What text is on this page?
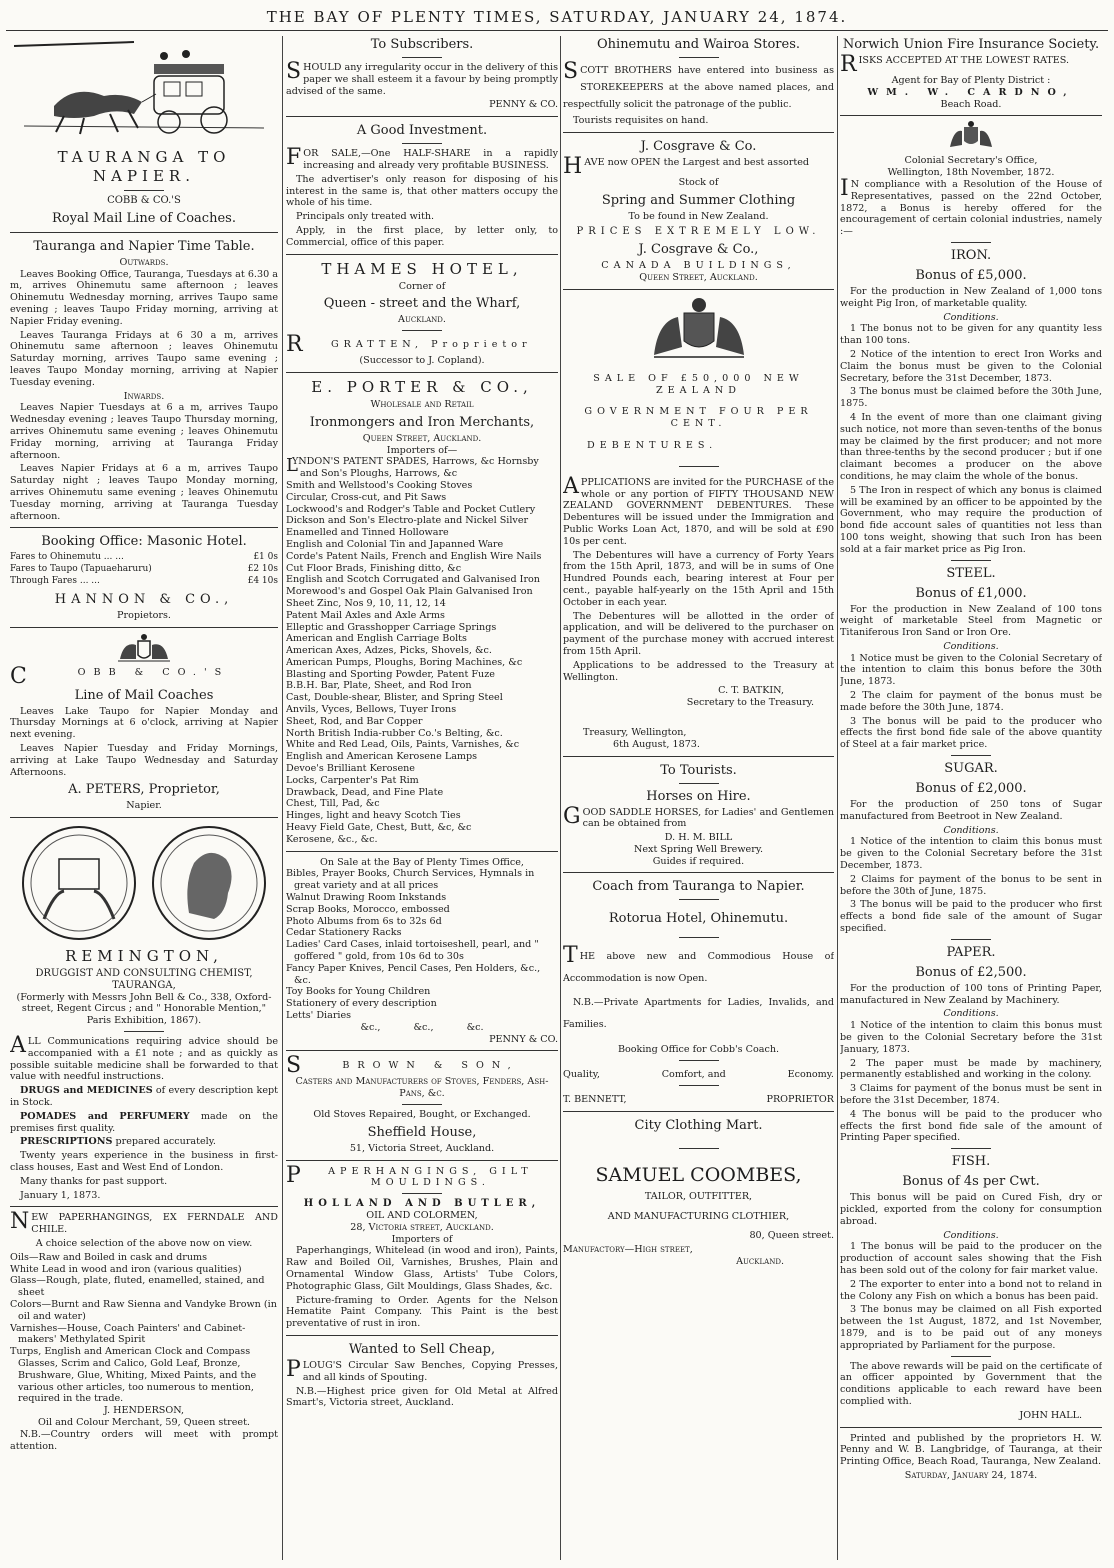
THE BAY OF PLENTY TIMES, SATURDAY, JANUARY 24, 1874.
TAURANGA TO NAPIER.
COBB & CO.'S
Royal Mail Line of Coaches.
Tauranga and Napier Time Table.
Outwards.

Leaves Booking Office, Tauranga, Tuesdays at 6.30 a m, arrives Ohinemutu same afternoon ; leaves Ohinemutu Wednesday morning, arrives Taupo same evening ; leaves Taupo Friday morning, arriving at Napier Friday evening.

Leaves Tauranga Fridays at 6 30 a m, arrives Ohinemutu same afternoon ; leaves Ohinemutu Saturday morning, arrives Taupo same evening ; leaves Taupo Monday morning, arriving at Napier Tuesday evening.

Inwards.

Leaves Napier Tuesdays at 6 a m, arrives Taupo Wednesday evening ; leaves Taupo Thursday morning, arrives Ohinemutu same evening ; leaves Ohinemutu Friday morning, arriving at Tauranga Friday afternoon.

Leaves Napier Fridays at 6 a m, arrives Taupo Saturday night ; leaves Taupo Monday morning, arrives Ohinemutu same evening ; leaves Ohinemutu Tuesday morning, arriving at Tauranga Tuesday afternoon.

Booking Office: Masonic Hotel.
Fares to Ohinemutu ... ...	£1 0s
Fares to Taupo (Tapuaeharuru)	£2 10s
Through Fares ... ...	£4 10s
HANNON & CO.,
Propietors.
C	OBB & CO.'S
Line of Mail Coaches

Leaves Lake Taupo for Napier Monday and Thursday Mornings at 6 o'clock, arriving at Napier next evening.

Leaves Napier Tuesday and Friday Mornings, arriving at Lake Taupo Wednesday and Saturday Afternoons.

A. PETERS, Proprietor,
Napier.
REMINGTON,
DRUGGIST AND CONSULTING CHEMIST,
TAURANGA,

(Formerly with Messrs John Bell & Co., 338, Oxford-street, Regent Circus ; and " Honorable Mention," Paris Exhibition, 1867).

ALL Communications requiring advice should be accompanied with a £1 note ; and as quickly as possible suitable medicine shall be forwarded to that value with needful instructions.

DRUGS and MEDICINES of every description kept in Stock.

POMADES and PERFUMERY made on the premises first quality.

PRESCRIPTIONS prepared accurately.

Twenty years experience in the business in first-class houses, East and West End of London.

Many thanks for past support.

January 1, 1873.

NEW PAPERHANGINGS, EX FERNDALE AND CHILE.

A choice selection of the above now on view.

Oils—Raw and Boiled in cask and drums
White Lead in wood and iron (various qualities)
Glass—Rough, plate, fluted, enamelled, stained, and sheet
Colors—Burnt and Raw Sienna and Vandyke Brown (in oil and water)
Varnishes—House, Coach Painters' and Cabinet-makers' Methylated Spirit
Turps, English and American Clock and Compass Glasses, Scrim and Calico, Gold Leaf, Bronze, Brushware, Glue, Whiting, Mixed Paints, and the various other articles, too numerous to mention, required in the trade.
J. HENDERSON,
Oil and Colour Merchant, 59, Queen street.

N.B.—Country orders will meet with prompt attention.

To Subscribers.

SHOULD any irregularity occur in the delivery of this paper we shall esteem it a favour by being promptly advised of the same.

PENNY & CO.
A Good Investment.

FOR SALE,—One HALF-SHARE in a rapidly increasing and already very profitable BUSINESS.

The advertiser's only reason for disposing of his interest in the same is, that other matters occupy the whole of his time.

Principals only treated with.

Apply, in the first place, by letter only, to Commercial, office of this paper.

THAMES HOTEL,
Corner of
Queen - street and the Wharf,
Auckland.
R	GRATTEN, Proprietor
(Successor to J. Copland).
E. PORTER & CO.,
Wholesale and Retail
Ironmongers and Iron Merchants,
Queen Street, Auckland.
Importers of—
L
YNDON'S PATENT SPADES, Harrows, &c Hornsby and Son's Ploughs, Harrows, &c
Smith and Wellstood's Cooking Stoves
Circular, Cross-cut, and Pit Saws
Lockwood's and Rodger's Table and Pocket Cutlery
Dickson and Son's Electro-plate and Nickel Silver
Enamelled and Tinned Holloware
English and Colonial Tin and Japanned Ware
Corde's Patent Nails, French and English Wire Nails
Cut Floor Brads, Finishing ditto, &c
English and Scotch Corrugated and Galvanised Iron
Morewood's and Gospel Oak Plain Galvanised Iron
Sheet Zinc, Nos 9, 10, 11, 12, 14
Patent Mail Axles and Axle Arms
Elleptic and Grasshopper Carriage Springs
American and English Carriage Bolts
American Axes, Adzes, Picks, Shovels, &c.
American Pumps, Ploughs, Boring Machines, &c
Blasting and Sporting Powder, Patent Fuze
B.B.H. Bar, Plate, Sheet, and Rod Iron
Cast, Double-shear, Blister, and Spring Steel
Anvils, Vyces, Bellows, Tuyer Irons
Sheet, Rod, and Bar Copper
North British India-rubber Co.'s Belting, &c.
White and Red Lead, Oils, Paints, Varnishes, &c
English and American Kerosene Lamps
Devoe's Brilliant Kerosene
Locks, Carpenter's Pat Rim
Drawback, Dead, and Fine Plate
Chest, Till, Pad, &c
Hinges, light and heavy Scotch Ties
Heavy Field Gate, Chest, Butt, &c, &c
Kerosene, &c., &c.
On Sale at the Bay of Plenty Times Office,
Bibles, Prayer Books, Church Services, Hymnals in great variety and at all prices
Walnut Drawing Room Inkstands
Scrap Books, Morocco, embossed
Photo Albums from 6s to 32s 6d
Cedar Stationery Racks
Ladies' Card Cases, inlaid tortoiseshell, pearl, and " goffered " gold, from 10s 6d to 30s
Fancy Paper Knives, Pencil Cases, Pen Holders, &c., &c.
Toy Books for Young Children
Stationery of every description
Letts' Diaries
&c., &c., &c.
PENNY & CO.
S	BROWN & SON,
Casters and Manufacturers of Stoves, Fenders, Ash-Pans, &c.
Old Stoves Repaired, Bought, or Exchanged.
Sheffield House,
51, Victoria Street, Auckland.
P	APERHANGINGS, GILT MOULDINGS.
HOLLAND AND BUTLER,
OIL AND COLORMEN,
28, Victoria street, Auckland.
Importers of

Paperhangings, Whitelead (in wood and iron), Paints, Raw and Boiled Oil, Varnishes, Brushes, Plain and Ornamental Window Glass, Artists' Tube Colors, Photographic Glass, Gilt Mouldings, Glass Shades, &c.

Picture-framing to Order. Agents for the Nelson Hematite Paint Company. This Paint is the best preventative of rust in iron.

Wanted to Sell Cheap,

PLOUG'S Circular Saw Benches, Copying Presses, and all kinds of Spouting.

N.B.—Highest price given for Old Metal at Alfred Smart's, Victoria street, Auckland.

Ohinemutu and Wairoa Stores.

SCOTT BROTHERS have entered into business as STOREKEEPERS at the above named places, and respectfully solicit the patronage of the public.

Tourists requisites on hand.

J. Cosgrave & Co.

HAVE now OPEN the Largest and best assorted

Stock of
Spring and Summer Clothing
To be found in New Zealand.
PRICES EXTREMELY LOW.
J. Cosgrave & Co.,
CANADA BUILDINGS,
Queen Street, Auckland.
SALE OF £50,000 NEW ZEALAND
GOVERNMENT FOUR PER CENT.
DEBENTURES.

APPLICATIONS are invited for the PURCHASE of the whole or any portion of FIFTY THOUSAND NEW ZEALAND GOVERNMENT DEBENTURES. These Debentures will be issued under the Immigration and Public Works Loan Act, 1870, and will be sold at £90 10s per cent.

The Debentures will have a currency of Forty Years from the 15th April, 1873, and will be in sums of One Hundred Pounds each, bearing interest at Four per cent., payable half-yearly on the 15th April and 15th October in each year.

The Debentures will be allotted in the order of application, and will be delivered to the purchaser on payment of the purchase money with accrued interest from 15th April.

Applications to be addressed to the Treasury at Wellington.

C. T. BATKIN,
Secretary to the Treasury.
Treasury, Wellington,
6th August, 1873.
To Tourists.
Horses on Hire.

GOOD SADDLE HORSES, for Ladies' and Gentlemen can be obtained from

D. H. M. BILL
Next Spring Well Brewery.
Guides if required.
Coach from Tauranga to Napier.
Rotorua Hotel, Ohinemutu.

THE above new and Commodious House of Accommodation is now Open.

N.B.—Private Apartments for Ladies, Invalids, and Families.

Booking Office for Cobb's Coach.
Quality,	Comfort, and	Economy.
T. BENNETT,	PROPRIETOR
City Clothing Mart.
SAMUEL COOMBES,
TAILOR, OUTFITTER,
AND MANUFACTURING CLOTHIER,
80, Queen street.
Manufactory—High street,
Auckland.
Norwich Union Fire Insurance Society.

RISKS ACCEPTED AT THE LOWEST RATES.

Agent for Bay of Plenty District :
WM. W. CARDNO,
Beach Road.
Colonial Secretary's Office,
Wellington, 18th November, 1872.

I N compliance with a Resolution of the House of Representatives, passed on the 22nd October, 1872, a Bonus is hereby offered for the encouragement of certain colonial industries, namely :—

IRON.
Bonus of £5,000.

For the production in New Zealand of 1,000 tons weight Pig Iron, of marketable quality.

Conditions.

1 The bonus not to be given for any quantity less than 100 tons.

2 Notice of the intention to erect Iron Works and Claim the bonus must be given to the Colonial Secretary, before the 31st December, 1873.

3 The bonus must be claimed before the 30th June, 1875.

4 In the event of more than one claimant giving such notice, not more than seven-tenths of the bonus may be claimed by the first producer; and not more than three-tenths by the second producer ; but if one claimant becomes a producer on the above conditions, he may claim the whole of the bonus.

5 The Iron in respect of which any bonus is claimed will be examined by an officer to be appointed by the Government, who may require the production of bond fide account sales of quantities not less than 100 tons weight, showing that such Iron has been sold at a fair market price as Pig Iron.

STEEL.
Bonus of £1,000.

For the production in New Zealand of 100 tons weight of marketable Steel from Magnetic or Titaniferous Iron Sand or Iron Ore.

Conditions.

1 Notice must be given to the Colonial Secretary of the intention to claim this bonus before the 30th June, 1873.

2 The claim for payment of the bonus must be made before the 30th June, 1874.

3 The bonus will be paid to the producer who effects the first bond fide sale of the above quantity of Steel at a fair market price.

SUGAR.
Bonus of £2,000.

For the production of 250 tons of Sugar manufactured from Beetroot in New Zealand.

Conditions.

1 Notice of the intention to claim this bonus must be given to the Colonial Secretary before the 31st December, 1873.

2 Claims for payment of the bonus to be sent in before the 30th of June, 1875.

3 The bonus will be paid to the producer who first effects a bond fide sale of the amount of Sugar specified.

PAPER.
Bonus of £2,500.

For the production of 100 tons of Printing Paper, manufactured in New Zealand by Machinery.

Conditions.

1 Notice of the intention to claim this bonus must be given to the Colonial Secretary before the 31st January, 1873.

2 The paper must be made by machinery, permanently established and working in the colony.

3 Claims for payment of the bonus must be sent in before the 31st December, 1874.

4 The bonus will be paid to the producer who effects the first bond fide sale of the amount of Printing Paper specified.

FISH.
Bonus of 4s per Cwt.

This bonus will be paid on Cured Fish, dry or pickled, exported from the colony for consumption abroad.

Conditions.

1 The bonus will be paid to the producer on the production of account sales showing that the Fish has been sold out of the colony for fair market value.

2 The exporter to enter into a bond not to reland in the Colony any Fish on which a bonus has been paid.

3 The bonus may be claimed on all Fish exported between the 1st August, 1872, and 1st November, 1879, and is to be paid out of any moneys appropriated by Parliament for the purpose.

The above rewards will be paid on the certificate of an officer appointed by Government that the conditions applicable to each reward have been complied with.

JOHN HALL.

Printed and published by the proprietors H. W. Penny and W. B. Langbridge, of Tauranga, at their Printing Office, Beach Road, Tauranga, New Zealand.

Saturday, January 24, 1874.
